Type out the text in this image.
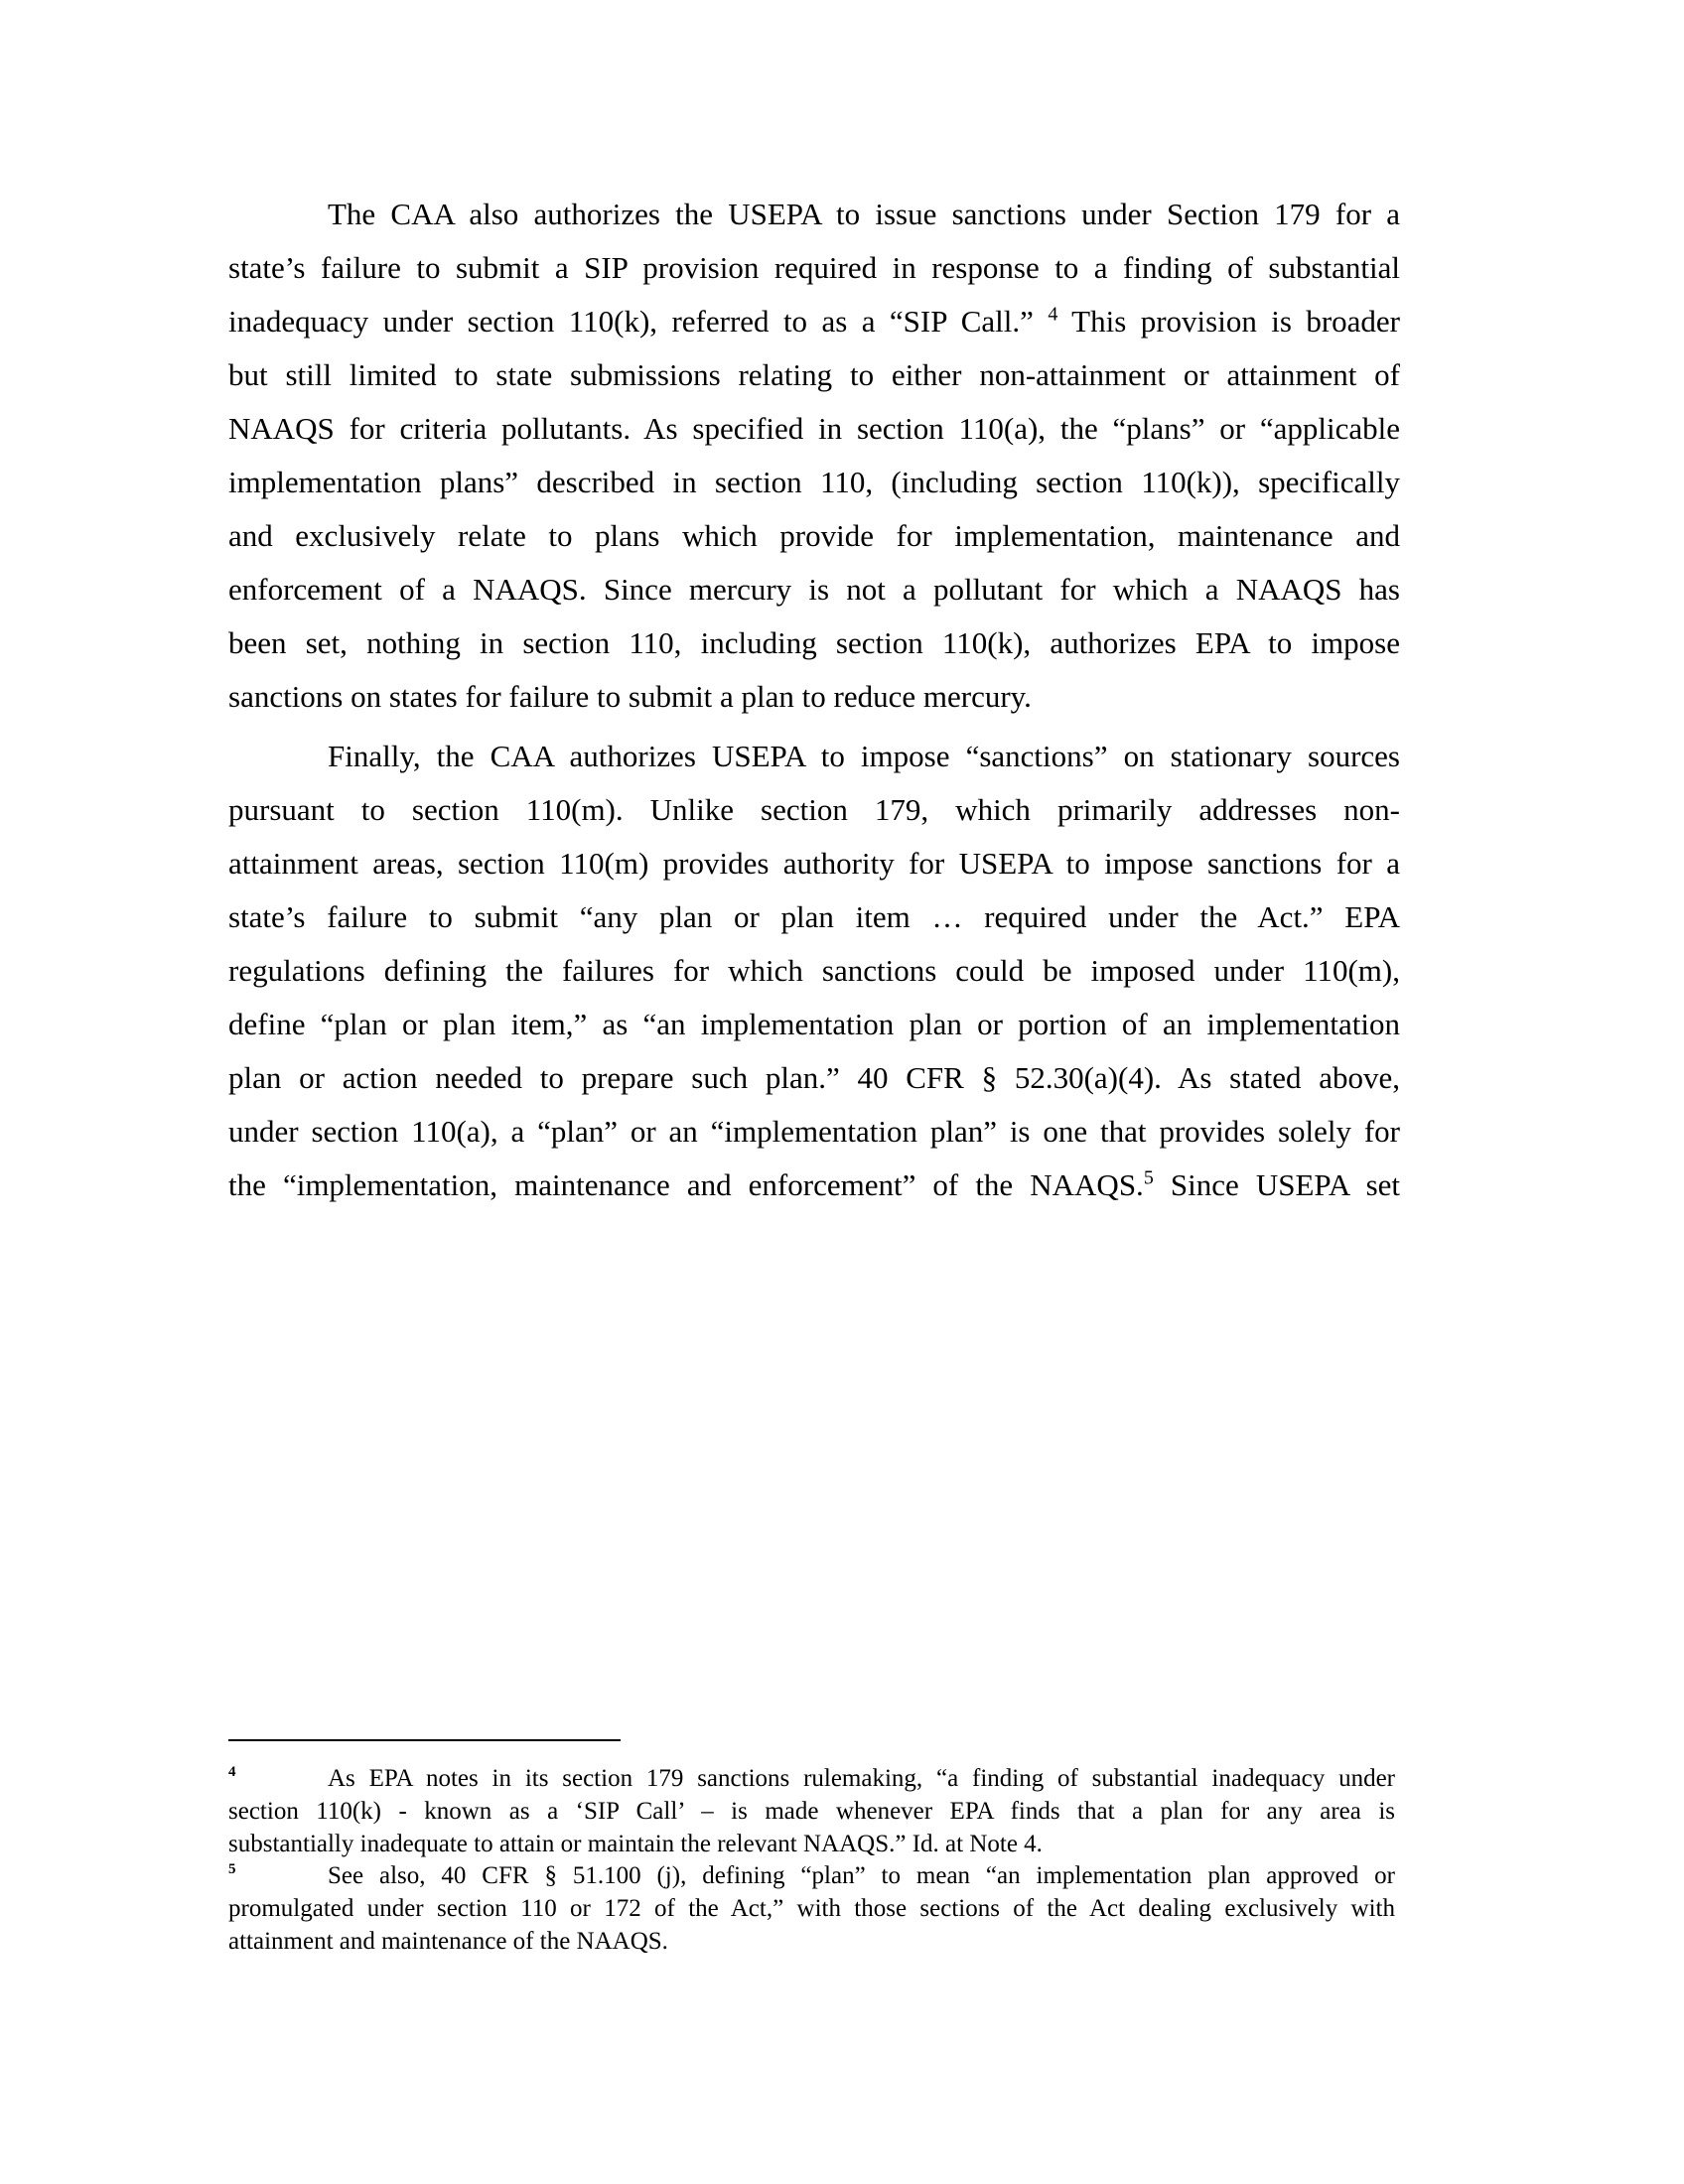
The CAA also authorizes the USEPA to issue sanctions under Section 179 for a
state’s failure to submit a SIP provision required in response to a finding of substantial
inadequacy under section 110(k), referred to as a “SIP Call.” $^4$ This provision is broader
but still limited to state submissions relating to either non-attainment or attainment of
NAAQS for criteria pollutants. As specified in section 110(a), the “plans” or “applicable
implementation plans” described in section 110, (including section 110(k)), specifically
and exclusively relate to plans which provide for implementation, maintenance and
enforcement of a NAAQS. Since mercury is not a pollutant for which a NAAQS has
been set, nothing in section 110, including section 110(k), authorizes EPA to impose
sanctions on states for failure to submit a plan to reduce mercury.
Finally, the CAA authorizes USEPA to impose “sanctions” on stationary sources
pursuant to section 110(m). Unlike section 179, which primarily addresses non-
attainment areas, section 110(m) provides authority for USEPA to impose sanctions for a
state’s failure to submit “any plan or plan item … required under the Act.” EPA
regulations defining the failures for which sanctions could be imposed under 110(m),
define “plan or plan item,” as “an implementation plan or portion of an implementation
plan or action needed to prepare such plan.” 40 CFR § 52.30(a)(4). As stated above,
under section 110(a), a “plan” or an “implementation plan” is one that provides solely for
the “implementation, maintenance and enforcement” of the NAAQS.$^5$ Since USEPA set
4	As EPA notes in its section 179 sanctions rulemaking, “a finding of substantial inadequacy under
section 110(k) - known as a ‘SIP Call’ – is made whenever EPA finds that a plan for any area is
substantially inadequate to attain or maintain the relevant NAAQS.” Id. at Note 4.
5	See also, 40 CFR § 51.100 (j), defining “plan” to mean “an implementation plan approved or
promulgated under section 110 or 172 of the Act,” with those sections of the Act dealing exclusively with
attainment and maintenance of the NAAQS.
